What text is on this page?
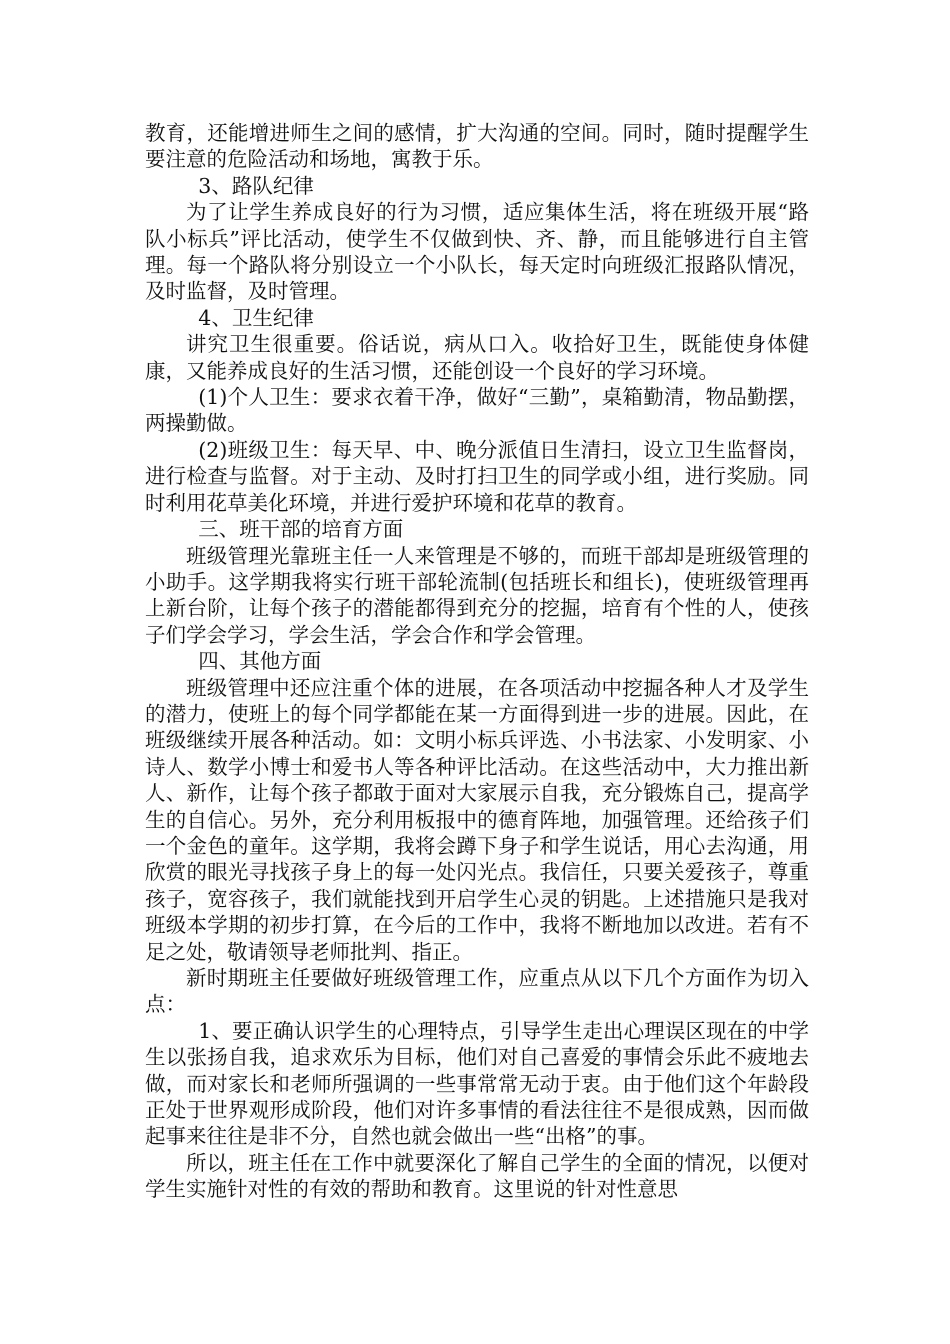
教育，还能增进师生之间的感情，扩大沟通的空间。同时，随时提醒学生要注意的危险活动和场地，寓教于乐。

3、路队纪律

为了让学生养成良好的行为习惯，适应集体生活，将在班级开展“路队小标兵”评比活动，使学生不仅做到快、齐、静，而且能够进行自主管理。每一个路队将分别设立一个小队长，每天定时向班级汇报路队情况，及时监督，及时管理。

4、卫生纪律

讲究卫生很重要。俗话说，病从口入。收拾好卫生，既能使身体健康，又能养成良好的生活习惯，还能创设一个良好的学习环境。

(1)个人卫生：要求衣着干净，做好“三勤”，桌箱勤清，物品勤摆，两操勤做。

(2)班级卫生：每天早、中、晚分派值日生清扫，设立卫生监督岗，进行检查与监督。对于主动、及时打扫卫生的同学或小组，进行奖励。同时利用花草美化环境，并进行爱护环境和花草的教育。

三、班干部的培育方面

班级管理光靠班主任一人来管理是不够的，而班干部却是班级管理的小助手。这学期我将实行班干部轮流制(包括班长和组长)，使班级管理再上新台阶，让每个孩子的潜能都得到充分的挖掘，培育有个性的人，使孩子们学会学习，学会生活，学会合作和学会管理。

四、其他方面

班级管理中还应注重个体的进展，在各项活动中挖掘各种人才及学生的潜力，使班上的每个同学都能在某一方面得到进一步的进展。因此，在班级继续开展各种活动。如：文明小标兵评选、小书法家、小发明家、小诗人、数学小博士和爱书人等各种评比活动。在这些活动中，大力推出新人、新作，让每个孩子都敢于面对大家展示自我，充分锻炼自己，提高学生的自信心。另外，充分利用板报中的德育阵地，加强管理。还给孩子们一个金色的童年。这学期，我将会蹲下身子和学生说话，用心去沟通，用欣赏的眼光寻找孩子身上的每一处闪光点。我信任，只要关爱孩子，尊重孩子，宽容孩子，我们就能找到开启学生心灵的钥匙。上述措施只是我对班级本学期的初步打算，在今后的工作中，我将不断地加以改进。若有不足之处，敬请领导老师批判、指正。

新时期班主任要做好班级管理工作，应重点从以下几个方面作为切入点：

1、要正确认识学生的心理特点，引导学生走出心理误区现在的中学生以张扬自我，追求欢乐为目标，他们对自己喜爱的事情会乐此不疲地去做，而对家长和老师所强调的一些事常常无动于衷。由于他们这个年龄段正处于世界观形成阶段，他们对许多事情的看法往往不是很成熟，因而做起事来往往是非不分，自然也就会做出一些“出格”的事。

所以，班主任在工作中就要深化了解自己学生的全面的情况，以便对学生实施针对性的有效的帮助和教育。这里说的针对性意思
